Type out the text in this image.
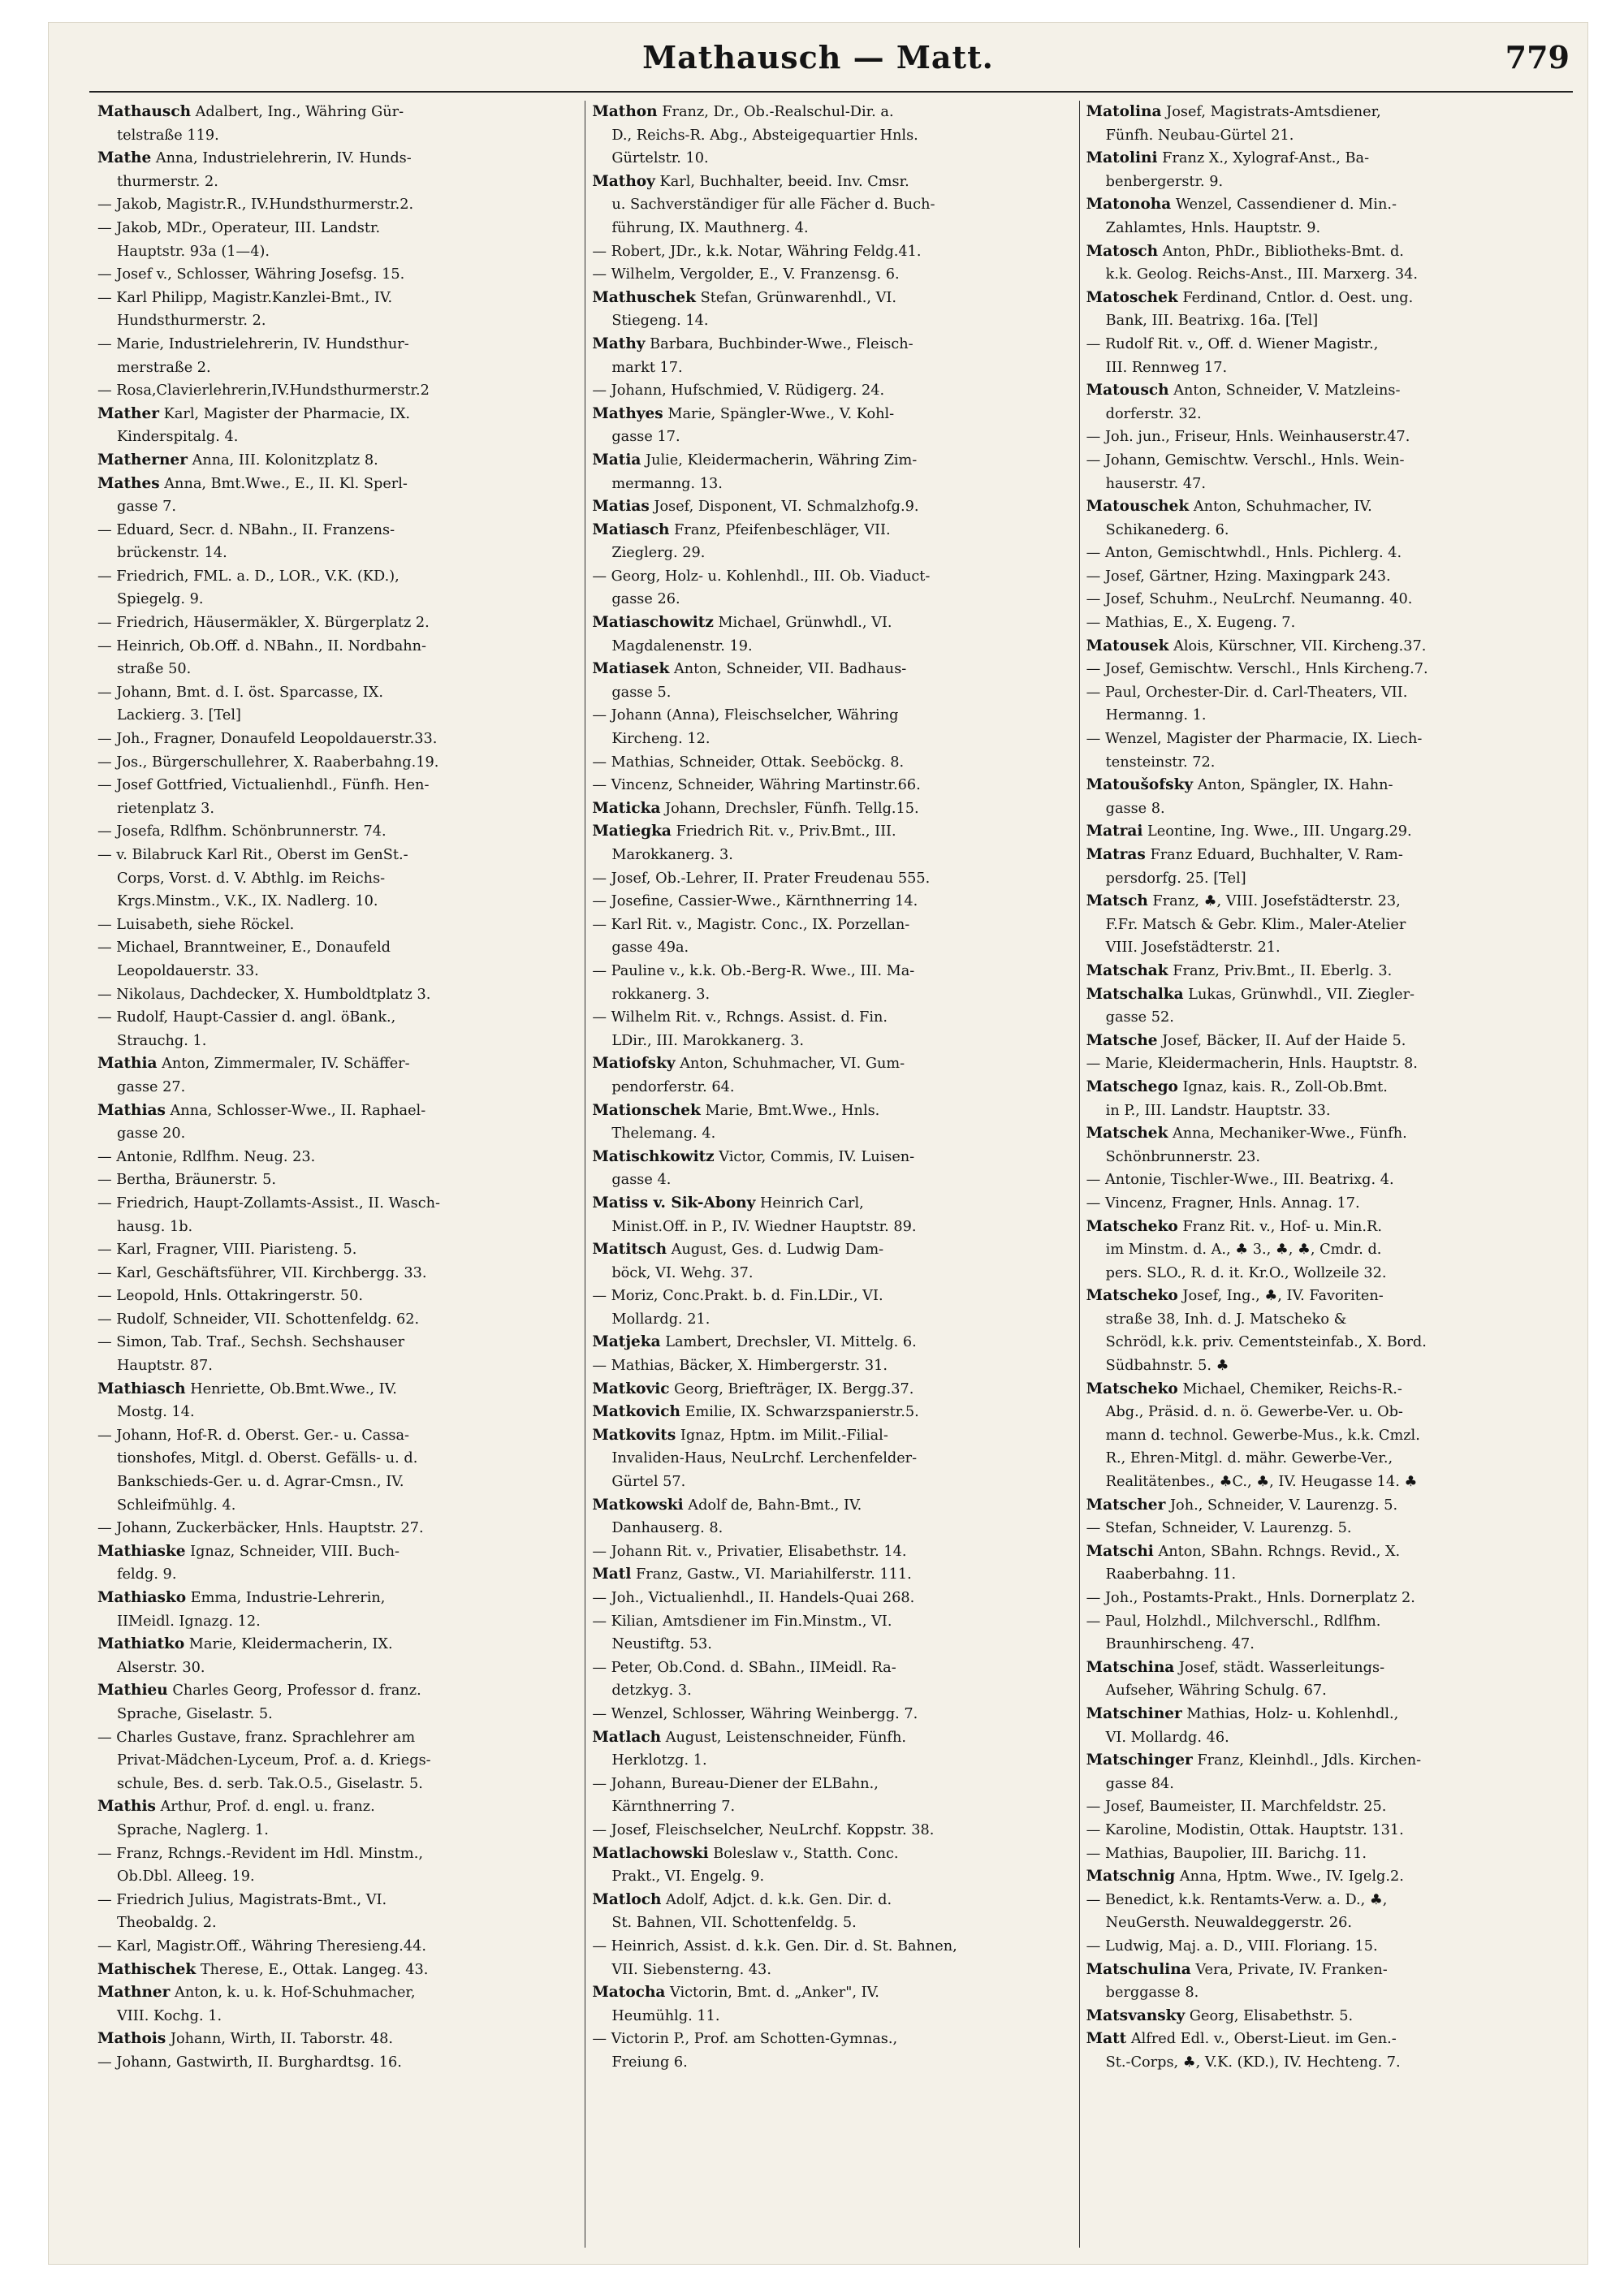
Mathausch — Matt.	779

Mathausch Adalbert, Ing., Währing Gür-
telstraße 119.

Mathe Anna, Industrielehrerin, IV. Hunds-
thurmerstr. 2.

— Jakob, Magistr.R., IV.Hundsthurmerstr.2.

— Jakob, MDr., Operateur, III. Landstr.
Hauptstr. 93a (1—4).

— Josef v., Schlosser, Währing Josefsg. 15.

— Karl Philipp, Magistr.Kanzlei-Bmt., IV.
Hundsthurmerstr. 2.

— Marie, Industrielehrerin, IV. Hundsthur-
merstraße 2.

— Rosa,Clavierlehrerin,IV.Hundsthurmerstr.2

Mather Karl, Magister der Pharmacie, IX.
Kinderspitalg. 4.

Matherner Anna, III. Kolonitzplatz 8.

Mathes Anna, Bmt.Wwe., E., II. Kl. Sperl-
gasse 7.

— Eduard, Secr. d. NBahn., II. Franzens-
brückenstr. 14.

— Friedrich, FML. a. D., LOR., V.K. (KD.),
Spiegelg. 9.

— Friedrich, Häusermäkler, X. Bürgerplatz 2.

— Heinrich, Ob.Off. d. NBahn., II. Nordbahn-
straße 50.

— Johann, Bmt. d. I. öst. Sparcasse, IX.
Lackierg. 3. [Tel]

— Joh., Fragner, Donaufeld Leopoldauerstr.33.

— Jos., Bürgerschullehrer, X. Raaberbahng.19.

— Josef Gottfried, Victualienhdl., Fünfh. Hen-
rietenplatz 3.

— Josefa, Rdlfhm. Schönbrunnerstr. 74.

— v. Bilabruck Karl Rit., Oberst im GenSt.-
Corps, Vorst. d. V. Abthlg. im Reichs-
Krgs.Minstm., V.K., IX. Nadlerg. 10.

— Luisabeth, siehe Röckel.

— Michael, Branntweiner, E., Donaufeld
Leopoldauerstr. 33.

— Nikolaus, Dachdecker, X. Humboldtplatz 3.

— Rudolf, Haupt-Cassier d. angl. öBank.,
Strauchg. 1.

Mathia Anton, Zimmermaler, IV. Schäffer-
gasse 27.

Mathias Anna, Schlosser-Wwe., II. Raphael-
gasse 20.

— Antonie, Rdlfhm. Neug. 23.

— Bertha, Bräunerstr. 5.

— Friedrich, Haupt-Zollamts-Assist., II. Wasch-
hausg. 1b.

— Karl, Fragner, VIII. Piaristeng. 5.

— Karl, Geschäftsführer, VII. Kirchbergg. 33.

— Leopold, Hnls. Ottakringerstr. 50.

— Rudolf, Schneider, VII. Schottenfeldg. 62.

— Simon, Tab. Traf., Sechsh. Sechshauser
Hauptstr. 87.

Mathiasch Henriette, Ob.Bmt.Wwe., IV.
Mostg. 14.

— Johann, Hof-R. d. Oberst. Ger.- u. Cassa-
tionshofes, Mitgl. d. Oberst. Gefälls- u. d.
Bankschieds-Ger. u. d. Agrar-Cmsn., IV.
Schleifmühlg. 4.

— Johann, Zuckerbäcker, Hnls. Hauptstr. 27.

Mathiaske Ignaz, Schneider, VIII. Buch-
feldg. 9.

Mathiasko Emma, Industrie-Lehrerin,
IIMeidl. Ignazg. 12.

Mathiatko Marie, Kleidermacherin, IX.
Alserstr. 30.

Mathieu Charles Georg, Professor d. franz.
Sprache, Giselastr. 5.

— Charles Gustave, franz. Sprachlehrer am
Privat-Mädchen-Lyceum, Prof. a. d. Kriegs-
schule, Bes. d. serb. Tak.O.5., Giselastr. 5.

Mathis Arthur, Prof. d. engl. u. franz.
Sprache, Naglerg. 1.

— Franz, Rchngs.-Revident im Hdl. Minstm.,
Ob.Dbl. Alleeg. 19.

— Friedrich Julius, Magistrats-Bmt., VI.
Theobaldg. 2.

— Karl, Magistr.Off., Währing Theresieng.44.

Mathischek Therese, E., Ottak. Langeg. 43.

Mathner Anton, k. u. k. Hof-Schuhmacher,
VIII. Kochg. 1.

Mathois Johann, Wirth, II. Taborstr. 48.

— Johann, Gastwirth, II. Burghardtsg. 16.

Mathon Franz, Dr., Ob.-Realschul-Dir. a.
D., Reichs-R. Abg., Absteigequartier Hnls.
Gürtelstr. 10.

Mathoy Karl, Buchhalter, beeid. Inv. Cmsr.
u. Sachverständiger für alle Fächer d. Buch-
führung, IX. Mauthnerg. 4.

— Robert, JDr., k.k. Notar, Währing Feldg.41.

— Wilhelm, Vergolder, E., V. Franzensg. 6.

Mathuschek Stefan, Grünwarenhdl., VI.
Stiegeng. 14.

Mathy Barbara, Buchbinder-Wwe., Fleisch-
markt 17.

— Johann, Hufschmied, V. Rüdigerg. 24.

Mathyes Marie, Spängler-Wwe., V. Kohl-
gasse 17.

Matia Julie, Kleidermacherin, Währing Zim-
mermanng. 13.

Matias Josef, Disponent, VI. Schmalzhofg.9.

Matiasch Franz, Pfeifenbeschläger, VII.
Zieglerg. 29.

— Georg, Holz- u. Kohlenhdl., III. Ob. Viaduct-
gasse 26.

Matiaschowitz Michael, Grünwhdl., VI.
Magdalenenstr. 19.

Matiasek Anton, Schneider, VII. Badhaus-
gasse 5.

— Johann (Anna), Fleischselcher, Währing
Kircheng. 12.

— Mathias, Schneider, Ottak. Seeböckg. 8.

— Vincenz, Schneider, Währing Martinstr.66.

Maticka Johann, Drechsler, Fünfh. Tellg.15.

Matiegka Friedrich Rit. v., Priv.Bmt., III.
Marokkanerg. 3.

— Josef, Ob.-Lehrer, II. Prater Freudenau 555.

— Josefine, Cassier-Wwe., Kärnthnerring 14.

— Karl Rit. v., Magistr. Conc., IX. Porzellan-
gasse 49a.

— Pauline v., k.k. Ob.-Berg-R. Wwe., III. Ma-
rokkanerg. 3.

— Wilhelm Rit. v., Rchngs. Assist. d. Fin.
LDir., III. Marokkanerg. 3.

Matiofsky Anton, Schuhmacher, VI. Gum-
pendorferstr. 64.

Mationschek Marie, Bmt.Wwe., Hnls.
Thelemang. 4.

Matischkowitz Victor, Commis, IV. Luisen-
gasse 4.

Matiss v. Sik-Abony Heinrich Carl,
Minist.Off. in P., IV. Wiedner Hauptstr. 89.

Matitsch August, Ges. d. Ludwig Dam-
böck, VI. Wehg. 37.

— Moriz, Conc.Prakt. b. d. Fin.LDir., VI.
Mollardg. 21.

Matjeka Lambert, Drechsler, VI. Mittelg. 6.

— Mathias, Bäcker, X. Himbergerstr. 31.

Matkovic Georg, Briefträger, IX. Bergg.37.

Matkovich Emilie, IX. Schwarzspanierstr.5.

Matkovits Ignaz, Hptm. im Milit.-Filial-
Invaliden-Haus, NeuLrchf. Lerchenfelder-
Gürtel 57.

Matkowski Adolf de, Bahn-Bmt., IV.
Danhauserg. 8.

— Johann Rit. v., Privatier, Elisabethstr. 14.

Matl Franz, Gastw., VI. Mariahilferstr. 111.

— Joh., Victualienhdl., II. Handels-Quai 268.

— Kilian, Amtsdiener im Fin.Minstm., VI.
Neustiftg. 53.

— Peter, Ob.Cond. d. SBahn., IIMeidl. Ra-
detzkyg. 3.

— Wenzel, Schlosser, Währing Weinbergg. 7.

Matlach August, Leistenschneider, Fünfh.
Herklotzg. 1.

— Johann, Bureau-Diener der ELBahn.,
Kärnthnerring 7.

— Josef, Fleischselcher, NeuLrchf. Koppstr. 38.

Matlachowski Boleslaw v., Statth. Conc.
Prakt., VI. Engelg. 9.

Matloch Adolf, Adjct. d. k.k. Gen. Dir. d.
St. Bahnen, VII. Schottenfeldg. 5.

— Heinrich, Assist. d. k.k. Gen. Dir. d. St. Bahnen,
VII. Siebensterng. 43.

Matocha Victorin, Bmt. d. „Anker", IV.
Heumühlg. 11.

— Victorin P., Prof. am Schotten-Gymnas.,
Freiung 6.

Matolina Josef, Magistrats-Amtsdiener,
Fünfh. Neubau-Gürtel 21.

Matolini Franz X., Xylograf-Anst., Ba-
benbergerstr. 9.

Matonoha Wenzel, Cassendiener d. Min.-
Zahlamtes, Hnls. Hauptstr. 9.

Matosch Anton, PhDr., Bibliotheks-Bmt. d.
k.k. Geolog. Reichs-Anst., III. Marxerg. 34.

Matoschek Ferdinand, Cntlor. d. Oest. ung.
Bank, III. Beatrixg. 16a. [Tel]

— Rudolf Rit. v., Off. d. Wiener Magistr.,
III. Rennweg 17.

Matousch Anton, Schneider, V. Matzleins-
dorferstr. 32.

— Joh. jun., Friseur, Hnls. Weinhauserstr.47.

— Johann, Gemischtw. Verschl., Hnls. Wein-
hauserstr. 47.

Matouschek Anton, Schuhmacher, IV.
Schikanederg. 6.

— Anton, Gemischtwhdl., Hnls. Pichlerg. 4.

— Josef, Gärtner, Hzing. Maxingpark 243.

— Josef, Schuhm., NeuLrchf. Neumanng. 40.

— Mathias, E., X. Eugeng. 7.

Matousek Alois, Kürschner, VII. Kircheng.37.

— Josef, Gemischtw. Verschl., Hnls Kircheng.7.

— Paul, Orchester-Dir. d. Carl-Theaters, VII.
Hermanng. 1.

— Wenzel, Magister der Pharmacie, IX. Liech-
tensteinstr. 72.

Matoušofsky Anton, Spängler, IX. Hahn-
gasse 8.

Matrai Leontine, Ing. Wwe., III. Ungarg.29.

Matras Franz Eduard, Buchhalter, V. Ram-
persdorfg. 25. [Tel]

Matsch Franz, ♣, VIII. Josefstädterstr. 23,
F.Fr. Matsch & Gebr. Klim., Maler-Atelier
VIII. Josefstädterstr. 21.

Matschak Franz, Priv.Bmt., II. Eberlg. 3.

Matschalka Lukas, Grünwhdl., VII. Ziegler-
gasse 52.

Matsche Josef, Bäcker, II. Auf der Haide 5.

— Marie, Kleidermacherin, Hnls. Hauptstr. 8.

Matschego Ignaz, kais. R., Zoll-Ob.Bmt.
in P., III. Landstr. Hauptstr. 33.

Matschek Anna, Mechaniker-Wwe., Fünfh.
Schönbrunnerstr. 23.

— Antonie, Tischler-Wwe., III. Beatrixg. 4.

— Vincenz, Fragner, Hnls. Annag. 17.

Matscheko Franz Rit. v., Hof- u. Min.R.
im Minstm. d. A., ♣ 3., ♣, ♣, Cmdr. d.
pers. SLO., R. d. it. Kr.O., Wollzeile 32.

Matscheko Josef, Ing., ♣, IV. Favoriten-
straße 38, Inh. d. J. Matscheko &
Schrödl, k.k. priv. Cementsteinfab., X. Bord.
Südbahnstr. 5. ♣

Matscheko Michael, Chemiker, Reichs-R.-
Abg., Präsid. d. n. ö. Gewerbe-Ver. u. Ob-
mann d. technol. Gewerbe-Mus., k.k. Cmzl.
R., Ehren-Mitgl. d. mähr. Gewerbe-Ver.,
Realitätenbes., ♣C., ♣, IV. Heugasse 14. ♣

Matscher Joh., Schneider, V. Laurenzg. 5.

— Stefan, Schneider, V. Laurenzg. 5.

Matschi Anton, SBahn. Rchngs. Revid., X.
Raaberbahng. 11.

— Joh., Postamts-Prakt., Hnls. Dornerplatz 2.

— Paul, Holzhdl., Milchverschl., Rdlfhm.
Braunhirscheng. 47.

Matschina Josef, städt. Wasserleitungs-
Aufseher, Währing Schulg. 67.

Matschiner Mathias, Holz- u. Kohlenhdl.,
VI. Mollardg. 46.

Matschinger Franz, Kleinhdl., Jdls. Kirchen-
gasse 84.

— Josef, Baumeister, II. Marchfeldstr. 25.

— Karoline, Modistin, Ottak. Hauptstr. 131.

— Mathias, Baupolier, III. Barichg. 11.

Matschnig Anna, Hptm. Wwe., IV. Igelg.2.

— Benedict, k.k. Rentamts-Verw. a. D., ♣,
NeuGersth. Neuwaldeggerstr. 26.

— Ludwig, Maj. a. D., VIII. Floriang. 15.

Matschulina Vera, Private, IV. Franken-
berggasse 8.

Matsvansky Georg, Elisabethstr. 5.

Matt Alfred Edl. v., Oberst-Lieut. im Gen.-
St.-Corps, ♣, V.K. (KD.), IV. Hechteng. 7.
